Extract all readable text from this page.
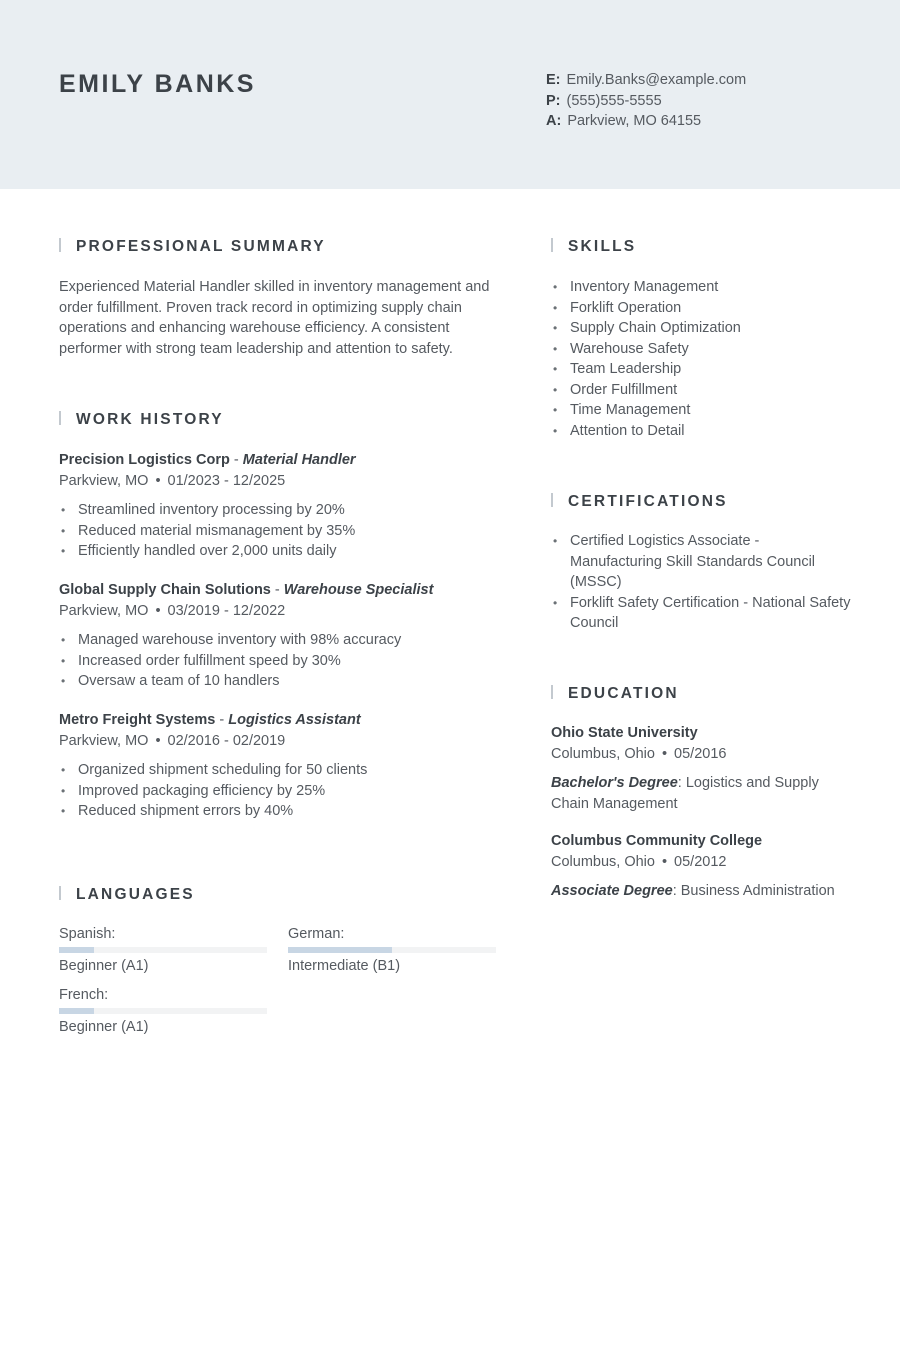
EMILY BANKS	E: Emily.Banks@example.com
P: (555)555-5555
A: Parkview, MO 64155
PROFESSIONAL SUMMARY
Experienced Material Handler skilled in inventory management and order fulfillment. Proven track record in optimizing supply chain operations and enhancing warehouse efficiency. A consistent performer with strong team leadership and attention to safety.
WORK HISTORY
Precision Logistics Corp - Material Handler
Parkview, MO • 01/2023 - 12/2025
• Streamlined inventory processing by 20%
• Reduced material mismanagement by 35%
• Efficiently handled over 2,000 units daily
Global Supply Chain Solutions - Warehouse Specialist
Parkview, MO • 03/2019 - 12/2022
• Managed warehouse inventory with 98% accuracy
• Increased order fulfillment speed by 30%
• Oversaw a team of 10 handlers
Metro Freight Systems - Logistics Assistant
Parkview, MO • 02/2016 - 02/2019
• Organized shipment scheduling for 50 clients
• Improved packaging efficiency by 25%
• Reduced shipment errors by 40%
LANGUAGES
Spanish:
Beginner (A1)
German:
Intermediate (B1)
French:
Beginner (A1)
SKILLS
• Inventory Management
• Forklift Operation
• Supply Chain Optimization
• Warehouse Safety
• Team Leadership
• Order Fulfillment
• Time Management
• Attention to Detail
CERTIFICATIONS
• Certified Logistics Associate - Manufacturing Skill Standards Council (MSSC)
• Forklift Safety Certification - National Safety Council
EDUCATION
Ohio State University
Columbus, Ohio • 05/2016
Bachelor's Degree: Logistics and Supply Chain Management
Columbus Community College
Columbus, Ohio • 05/2012
Associate Degree: Business Administration
